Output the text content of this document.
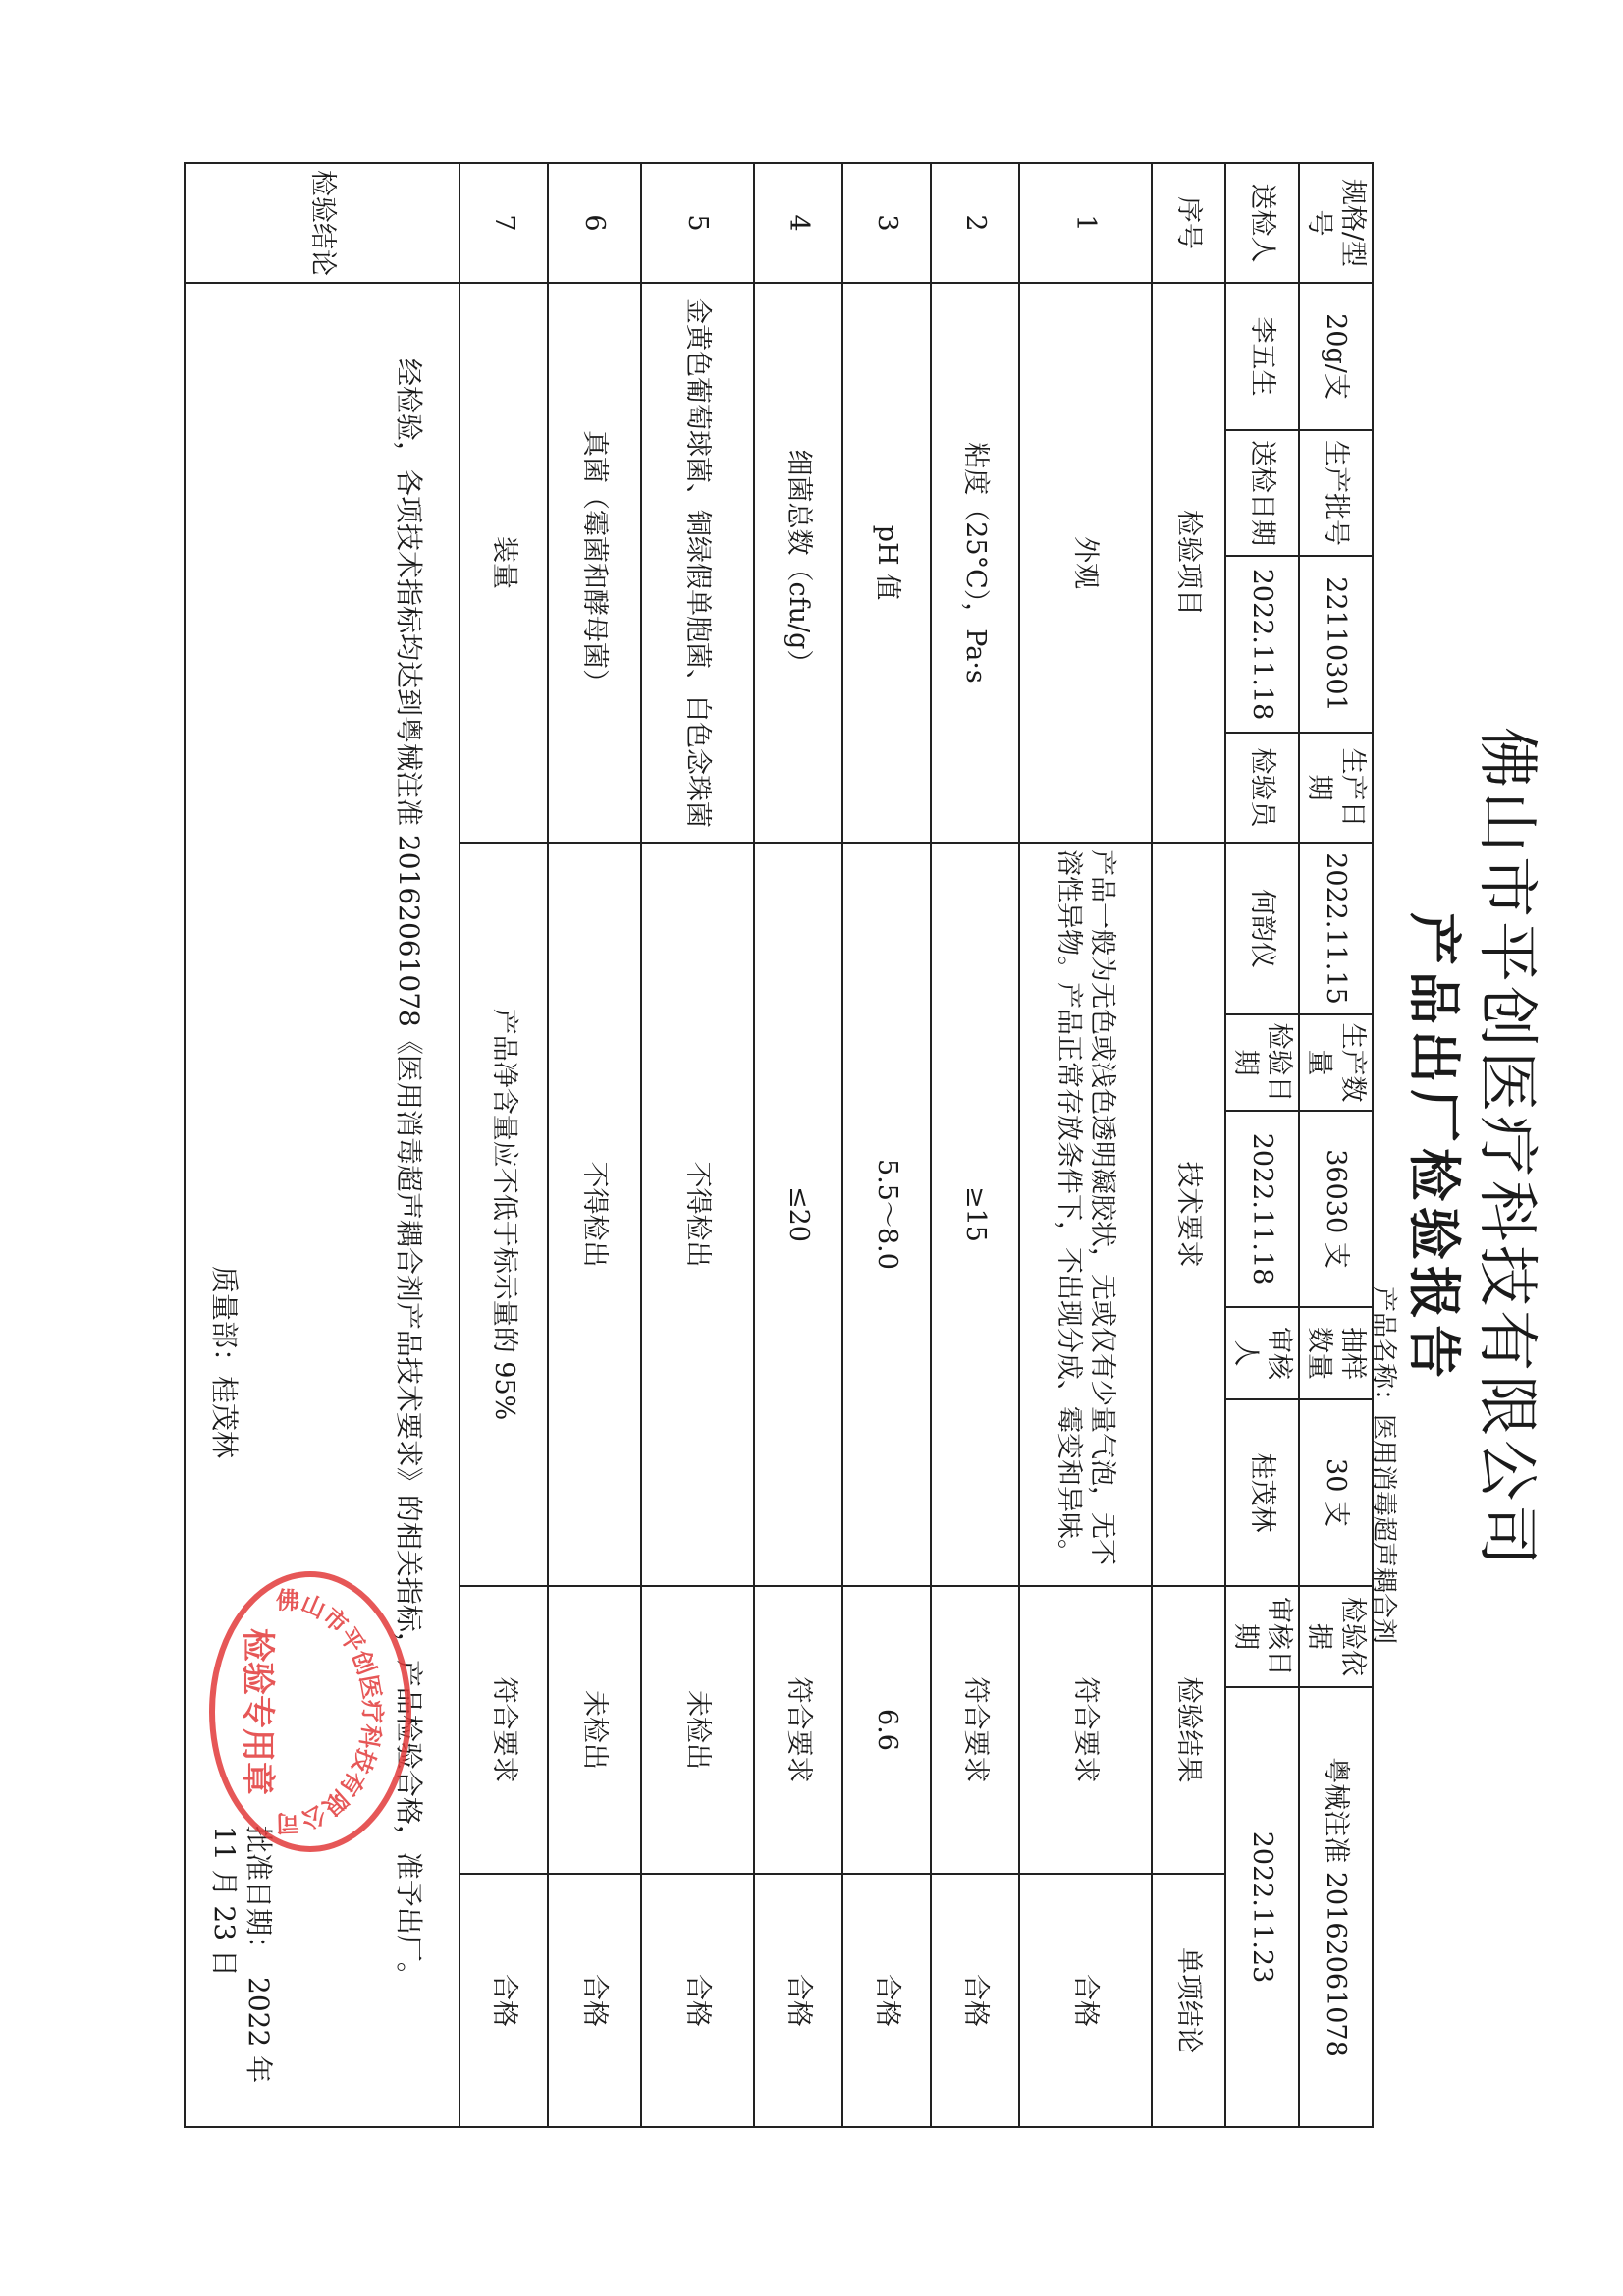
佛山市平创医疗科技有限公司
产品出厂检验报告
产品名称：医用消毒超声耦合剂
规格/型号	20g/支	生产批号	22110301	生产日期	2022.11.15	生产数量	36030 支	抽样数量	30 支	检验依据	粤械注准 20162061078	
送检人	李五生	送检日期	2022.11.18	检验员	何韵仪	检验日期	2022.11.18	审核人	桂茂林	审核日期	2022.11.23	
序号	检验项目				技术要求					检验结果		单项结论
1	外观				产品一般为无色或浅色透明凝胶状，无或仅有少量气泡，无不溶性异物。产品正常存放条件下，不出现分成、霉变和异味。					符合要求		合格
2	粘度（25°C），Pa·s				≥15					符合要求		合格
3	pH 值				5.5～8.0					6.6		合格
4	细菌总数（cfu/g）				≤20					符合要求		合格
5	金黄色葡萄球菌、铜绿假单胞菌、白色念珠菌				不得检出					未检出		合格
6	真菌（霉菌和酵母菌）				不得检出					未检出		合格
7	装量				产品净含量应不低于标示量的 95%					符合要求		合格
检验结论	经检验，各项技术指标均达到粤械注准 20162061078《医用消毒超声耦合剂产品技术要求》的相关指标，产品检验合格，准予出厂。
质量部：桂茂林
批准日期：　2022 年 11 月 23 日											
佛山市平创医疗科技有限公司
检验专用章
